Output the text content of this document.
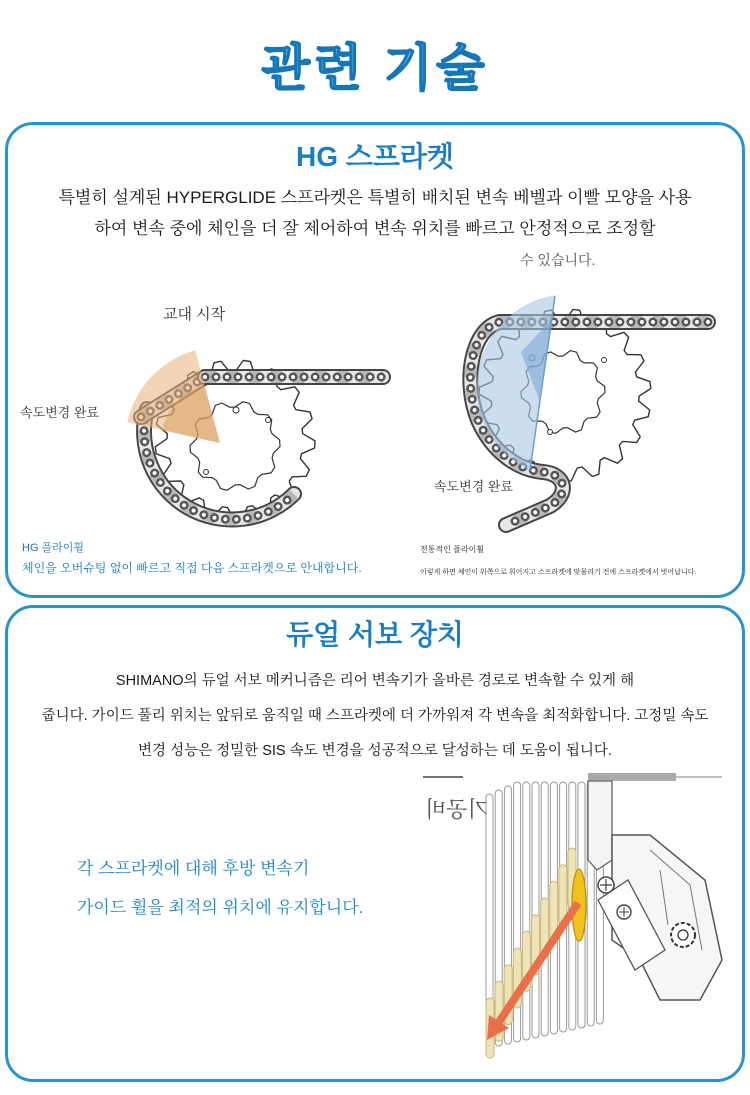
관련 기술
HG 스프라켓

특별히 설계된 HYPERGLIDE 스프라켓은 특별히 배치된 변속 베벨과 이빨 모양을 사용

하여 변속 중에 체인을 더 잘 제어하여 변속 위치를 빠르고 안정적으로 조정할

수 있습니다.

교대 시작
속도변경 완료
속도변경 완료
HG 플라이휠
체인을 오버슈팅 없이 빠르고 직접 다음 스프라켓으로 안내합니다.
전통적인 플라이휠
이렇게 하면 체인이 위쪽으로 휘어지고 스프라켓에 맞물리기 전에 스프라켓에서 벗어납니다.
듀얼 서보 장치

SHIMANO의 듀얼 서보 메커니즘은 리어 변속기가 올바른 경로로 변속할 수 있게 해

줍니다. 가이드 풀리 위치는 앞뒤로 움직일 때 스프라켓에 더 가까워져 각 변속을 최적화합니다. 고정밀 속도

변경 성능은 정밀한 SIS 속도 변경을 성공적으로 달성하는 데 도움이 됩니다.

기공비

각 스프라켓에 대해 후방 변속기

가이드 휠을 최적의 위치에 유지합니다.
